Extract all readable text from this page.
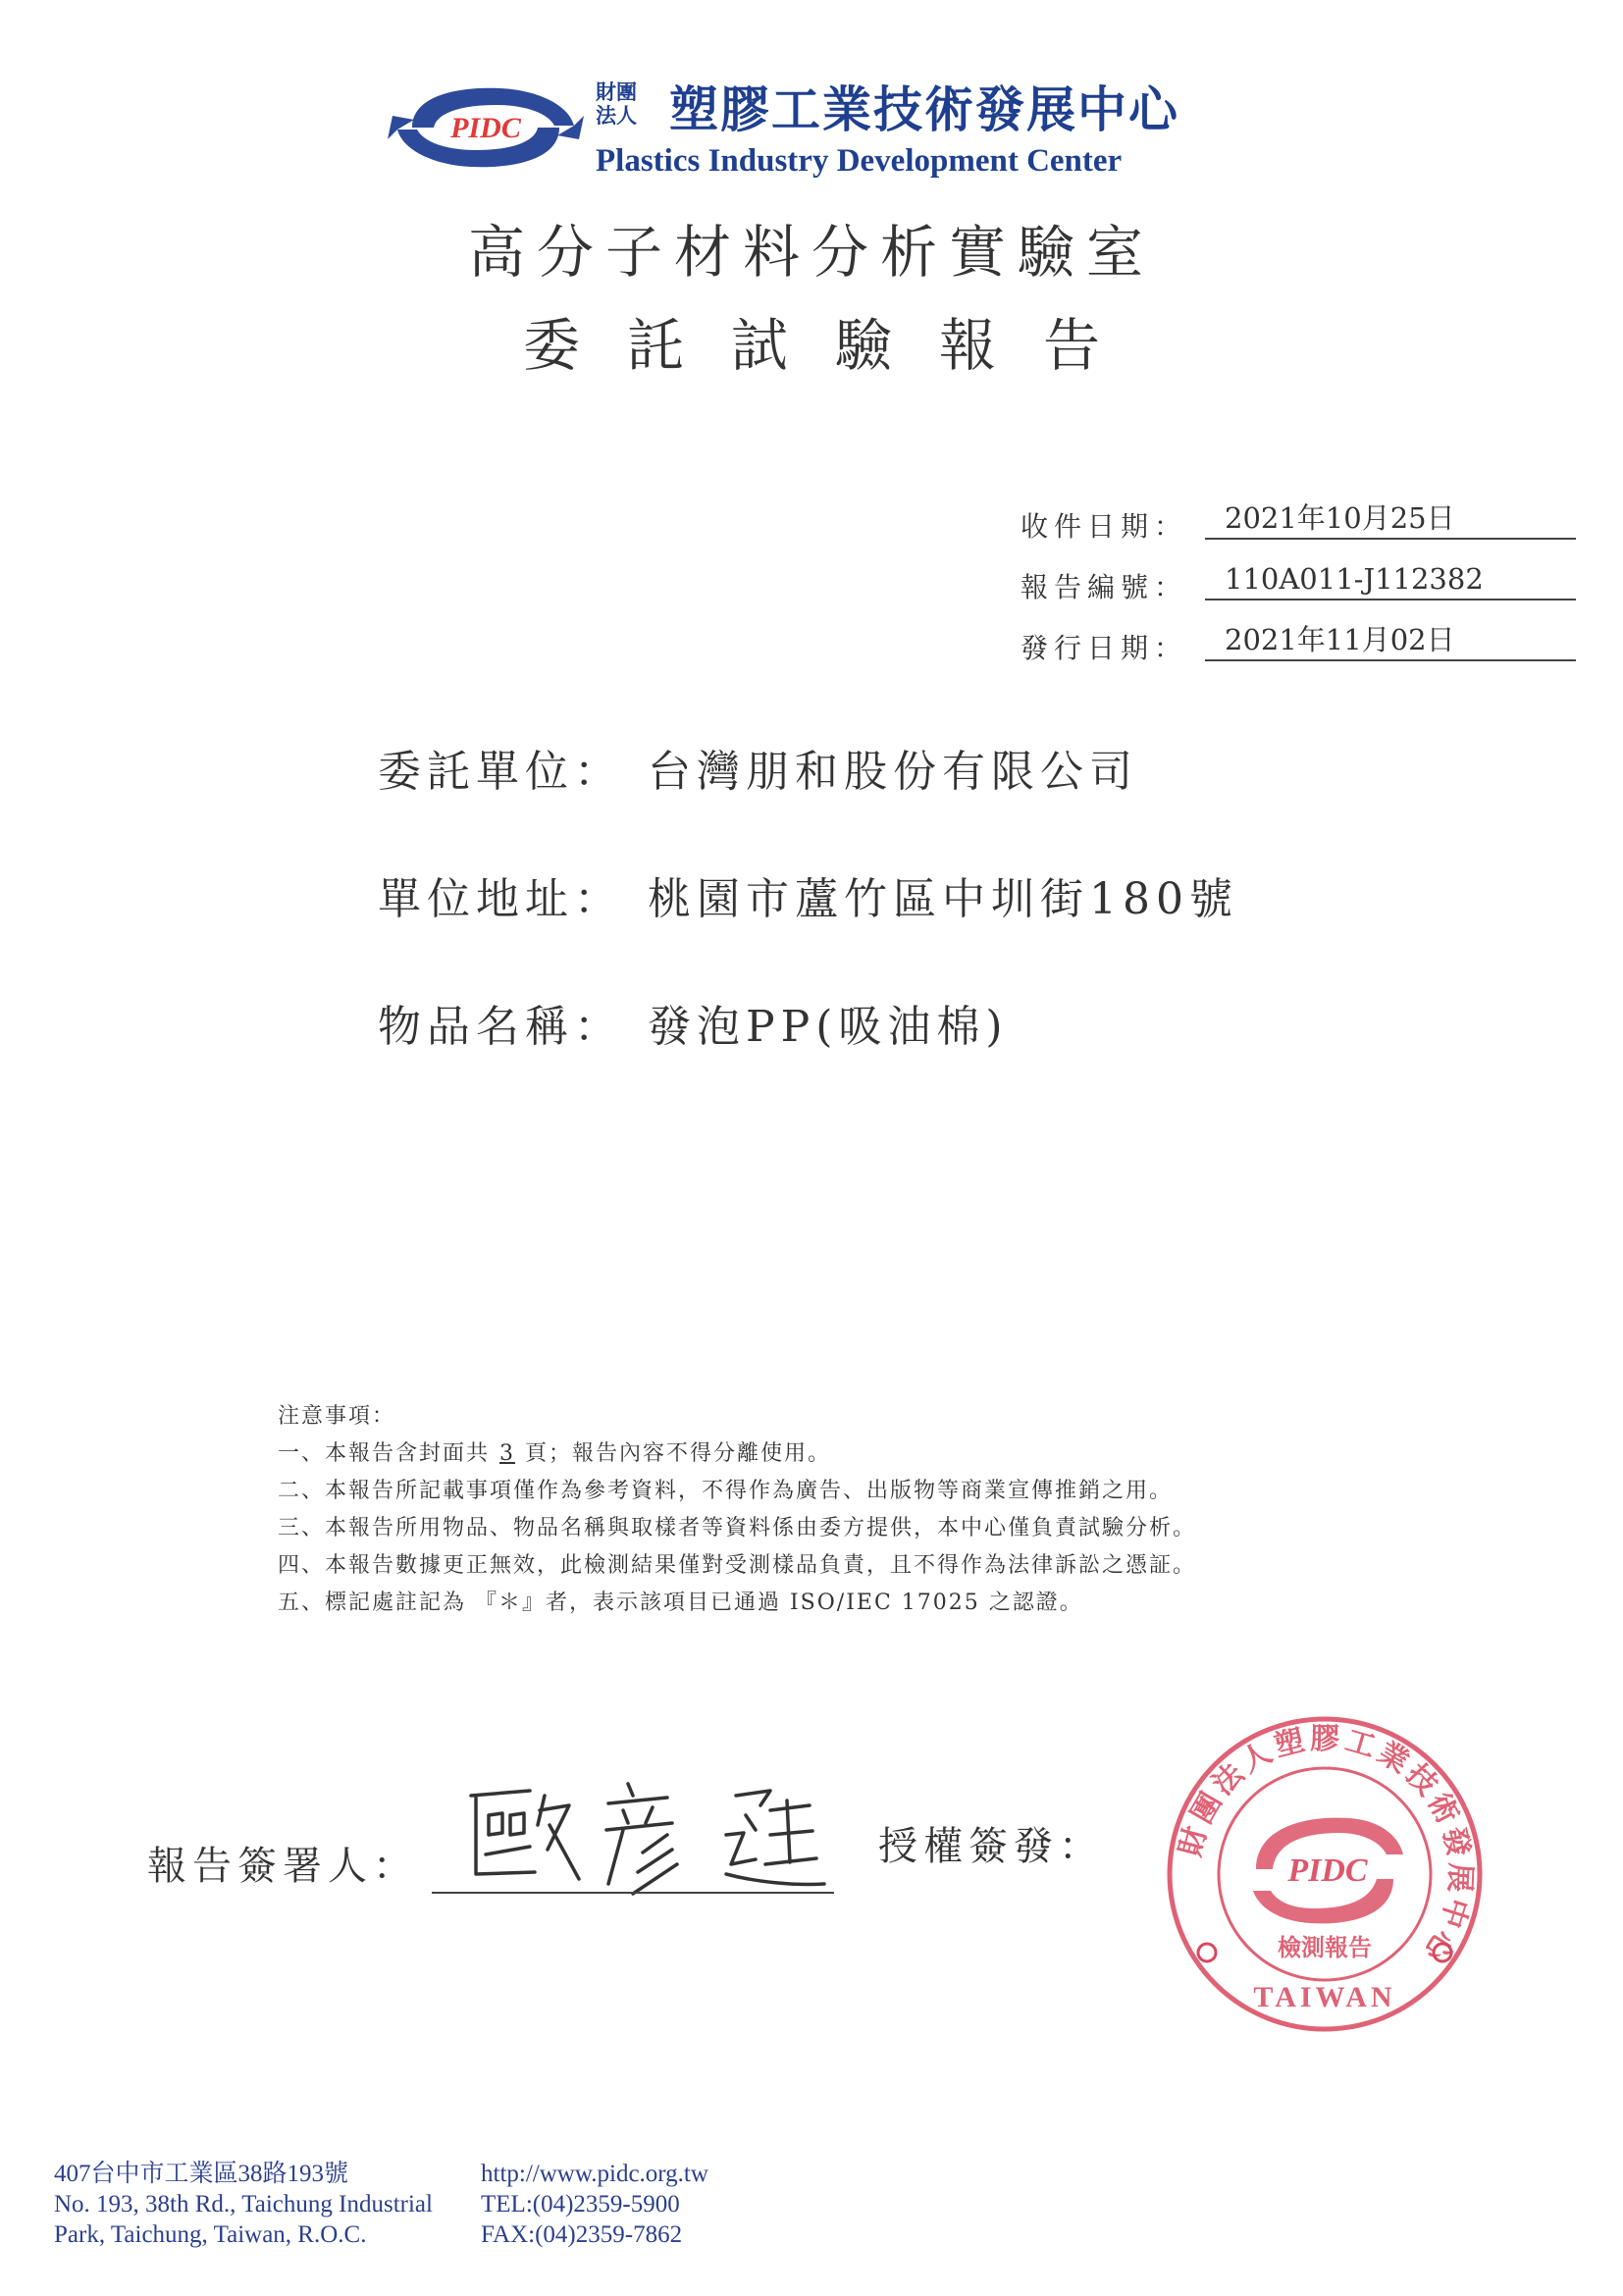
PIDC
財團
法人 塑膠工業技術發展中心
Plastics Industry Development Center
高分子材料分析實驗室
委託試驗報告
收件日期：	2021年10月25日
報告編號：	110A011-J112382
發行日期：	2021年11月02日
委託單位： 台灣朋和股份有限公司
單位地址： 桃園市蘆竹區中圳街180號
物品名稱： 發泡PP(吸油棉)
注意事項：
一、本報告含封面共 3 頁；報告內容不得分離使用。
二、本報告所記載事項僅作為參考資料，不得作為廣告、出版物等商業宣傳推銷之用。
三、本報告所用物品、物品名稱與取樣者等資料係由委方提供，本中心僅負責試驗分析。
四、本報告數據更正無效，此檢測結果僅對受測樣品負責，且不得作為法律訴訟之憑証。
五、標記處註記為 『＊』者，表示該項目已通過 ISO/IEC 17025 之認證。
報告簽署人：	授權簽發： 財團法人塑膠工業技術發展中心
TAIWAN
PIDC
檢測報告
407台中市工業區38路193號
No. 193, 38th Rd., Taichung Industrial
Park, Taichung, Taiwan, R.O.C.
http://www.pidc.org.tw
TEL:(04)2359-5900
FAX:(04)2359-7862
